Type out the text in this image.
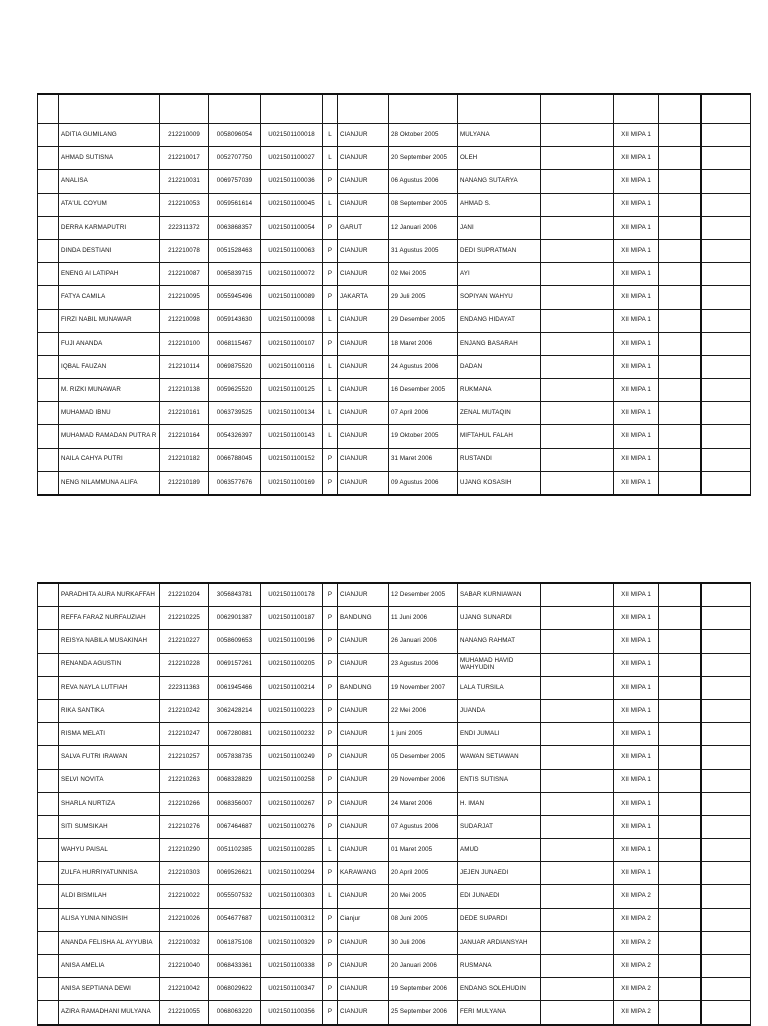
	ADITIA GUMILANG	212210009	0058096054	U021501100018	L	CIANJUR	28 Oktober 2005	MULYANA		XII MIPA 1		
	AHMAD SUTISNA	212210017	0052707750	U021501100027	L	CIANJUR	20 September 2005	OLEH		XII MIPA 1		
	ANALISA	212210031	0069757039	U021501100036	P	CIANJUR	06 Agustus 2006	NANANG SUTARYA		XII MIPA 1		
	ATA'UL COYUM	212210053	0059561614	U021501100045	L	CIANJUR	08 September 2005	AHMAD S.		XII MIPA 1		
	DERRA KARMAPUTRI	222311372	0063868357	U021501100054	P	GARUT	12 Januari 2006	JANI		XII MIPA 1		
	DINDA DESTIANI	212210078	0051528463	U021501100063	P	CIANJUR	31 Agustus 2005	DEDI SUPRATMAN		XII MIPA 1		
	ENENG AI LATIPAH	212210087	0065839715	U021501100072	P	CIANJUR	02 Mei 2005	AYI		XII MIPA 1		
	FATYA CAMILA	212210095	0055945496	U021501100089	P	JAKARTA	29 Juli 2005	SOPIYAN WAHYU		XII MIPA 1		
	FIRZI NABIL MUNAWAR	212210098	0059143630	U021501100098	L	CIANJUR	29 Desember 2005	ENDANG HIDAYAT		XII MIPA 1		
	FUJI ANANDA	212210100	0068115467	U021501100107	P	CIANJUR	18 Maret 2006	ENJANG BASARAH		XII MIPA 1		
	IQBAL FAUZAN	212210114	0069875520	U021501100116	L	CIANJUR	24 Agustus 2006	DADAN		XII MIPA 1		
	M. RIZKI MUNAWAR	212210138	0059625520	U021501100125	L	CIANJUR	16 Desember 2005	RUKMANA		XII MIPA 1		
	MUHAMAD IBNU	212210161	0063739525	U021501100134	L	CIANJUR	07 April 2006	ZENAL MUTAQIN		XII MIPA 1		
	MUHAMAD RAMADAN PUTRA R	212210164	0054326397	U021501100143	L	CIANJUR	19 Oktober 2005	MIFTAHUL FALAH		XII MIPA 1		
	NAILA CAHYA PUTRI	212210182	0066788045	U021501100152	P	CIANJUR	31 Maret 2006	RUSTANDI		XII MIPA 1		
	NENG NILAMMUNA ALIFA	212210189	0063577676	U021501100169	P	CIANJUR	09 Agustus 2006	UJANG KOSASIH		XII MIPA 1		
	PARADHITA AURA NURKAFFAH	212210204	3056843781	U021501100178	P	CIANJUR	12 Desember 2005	SABAR KURNIAWAN		XII MIPA 1		
	REFFA FARAZ NURFAUZIAH	212210225	0062901387	U021501100187	P	BANDUNG	11 Juni 2006	UJANG SUNARDI		XII MIPA 1		
	REISYA NABILA MUSAKINAH	212210227	0058609653	U021501100196	P	CIANJUR	26 Januari 2006	NANANG RAHMAT		XII MIPA 1		
	RENANDA AGUSTIN	212210228	0069157261	U021501100205	P	CIANJUR	23 Agustus 2006	MUHAMAD HAVID WAHYUDIN		XII MIPA 1		
	REVA NAYLA LUTFIAH	222311363	0061945466	U021501100214	P	BANDUNG	19 November 2007	LALA TURSILA		XII MIPA 1		
	RIKA SANTIKA	212210242	3062428214	U021501100223	P	CIANJUR	22 Mei 2006	JUANDA		XII MIPA 1		
	RISMA MELATI	212210247	0067280881	U021501100232	P	CIANJUR	1 juni 2005	ENDI JUMALI		XII MIPA 1		
	SALVA FUTRI IRAWAN	212210257	0057838735	U021501100249	P	CIANJUR	05 Desember 2005	WAWAN SETIAWAN		XII MIPA 1		
	SELVI NOVITA	212210263	0068328829	U021501100258	P	CIANJUR	29 November 2006	ENTIS SUTISNA		XII MIPA 1		
	SHARLA NURTIZA	212210266	0068356007	U021501100267	P	CIANJUR	24 Maret 2006	H. IMAN		XII MIPA 1		
	SITI SUMSIKAH	212210276	0067464687	U021501100276	P	CIANJUR	07 Agustus 2006	SUDARJAT		XII MIPA 1		
	WAHYU PAISAL	212210290	0051102385	U021501100285	L	CIANJUR	01 Maret 2005	AMUD		XII MIPA 1		
	ZULFA HURRIYATUNNISA	212210303	0069526621	U021501100294	P	KARAWANG	20 April 2005	JEJEN JUNAEDI		XII MIPA 1		
	ALDI BISMILAH	212210022	0055507532	U021501100303	L	CIANJUR	20 Mei 2005	EDI JUNAEDI		XII MIPA 2		
	ALISA YUNIA NINGSIH	212210026	0054677687	U021501100312	P	Cianjur	08 Juni 2005	DEDE SUPARDI		XII MIPA 2		
	ANANDA FELISHA AL AYYUBIA	212210032	0061875108	U021501100329	P	CIANJUR	30 Juli 2006	JANUAR ARDIANSYAH		XII MIPA 2		
	ANISA AMELIA	212210040	0068433361	U021501100338	P	CIANJUR	20 Januari 2006	RUSMANA		XII MIPA 2		
	ANISA SEPTIANA DEWI	212210042	0068029622	U021501100347	P	CIANJUR	19 September 2006	ENDANG SOLEHUDIN		XII MIPA 2		
	AZIRA RAMADHANI MULYANA	212210055	0068063220	U021501100356	P	CIANJUR	25 September 2006	FERI MULYANA		XII MIPA 2		
